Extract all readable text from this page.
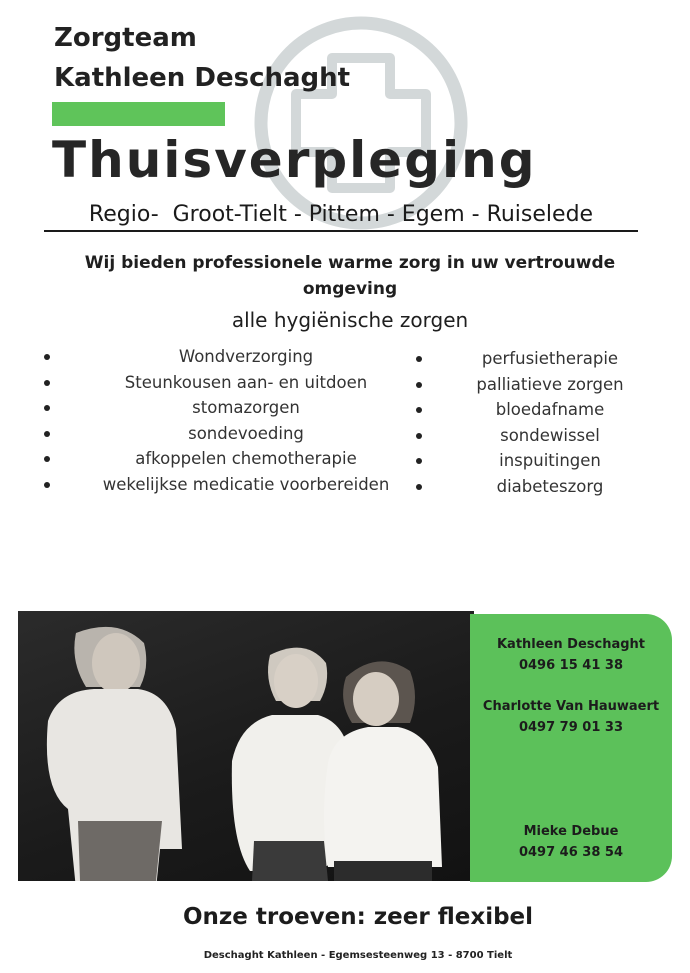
Zorgteam
Kathleen Deschaght
Thuisverpleging
Regio-  Groot-Tielt - Pittem - Egem - Ruiselede
Wij bieden professionele warme zorg in uw vertrouwde omgeving
alle hygiënische zorgen
Wondverzorging
Steunkousen aan- en uitdoen
stomazorgen
sondevoeding
afkoppelen chemotherapie
wekelijkse medicatie voorbereiden
perfusietherapie
palliatieve zorgen
bloedafname
sondewissel
inspuitingen
diabeteszorg
Kathleen Deschaght
0496 15 41 38
Charlotte Van Hauwaert
0497 79 01 33
Mieke Debue
0497 46 38 54
Onze troeven: zeer flexibel
Deschaght Kathleen - Egemsesteenweg 13 - 8700 Tielt
